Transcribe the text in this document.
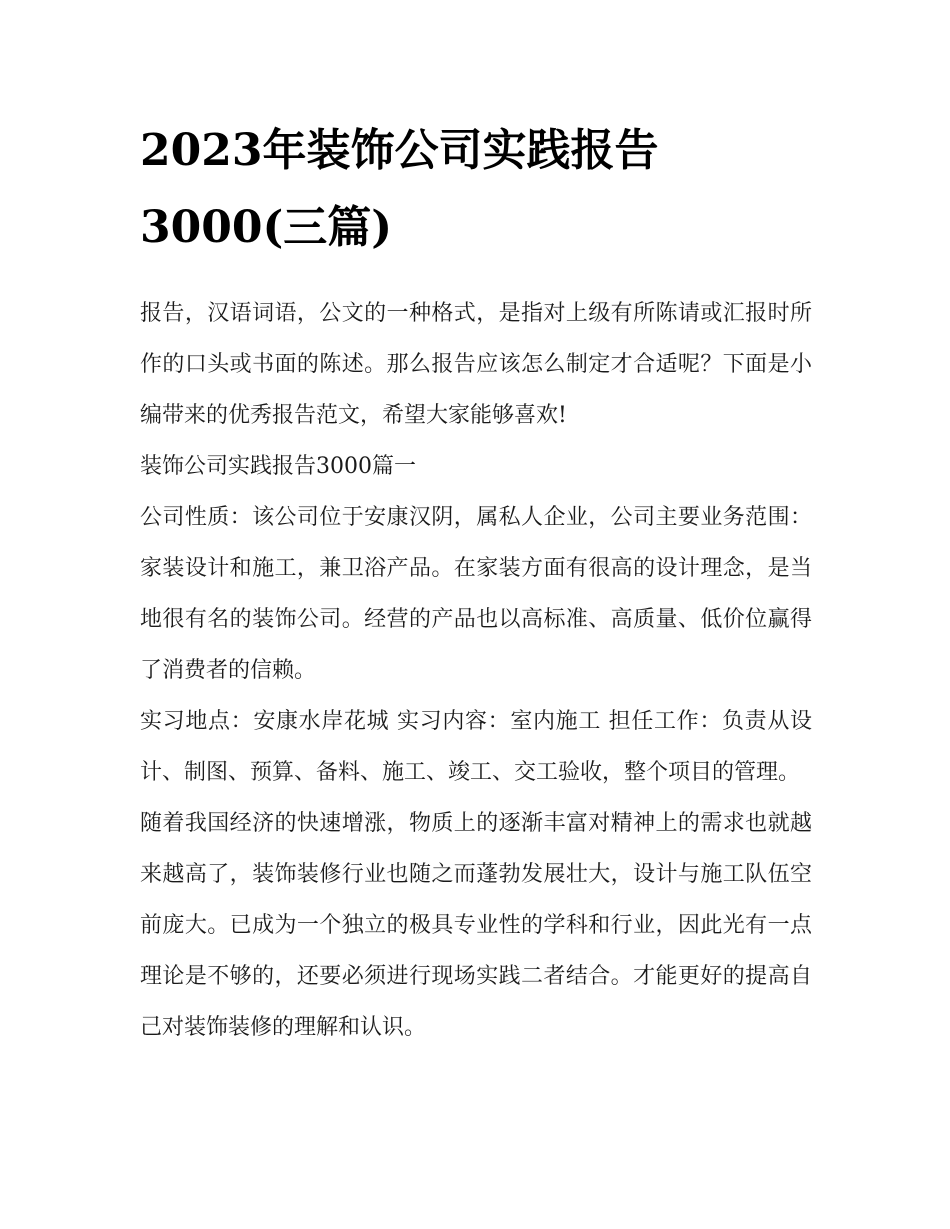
2023年装饰公司实践报告
3000(三篇)

报告，汉语词语，公文的一种格式，是指对上级有所陈请或汇报时所作的口头或书面的陈述。那么报告应该怎么制定才合适呢？下面是小编带来的优秀报告范文，希望大家能够喜欢!

装饰公司实践报告3000篇一

公司性质：该公司位于安康汉阴，属私人企业，公司主要业务范围：家装设计和施工，兼卫浴产品。在家装方面有很高的设计理念，是当地很有名的装饰公司。经营的产品也以高标准、高质量、低价位赢得了消费者的信赖。

实习地点：安康水岸花城 实习内容：室内施工 担任工作：负责从设计、制图、预算、备料、施工、竣工、交工验收，整个项目的管理。

随着我国经济的快速增涨，物质上的逐渐丰富对精神上的需求也就越来越高了，装饰装修行业也随之而蓬勃发展壮大，设计与施工队伍空前庞大。已成为一个独立的极具专业性的学科和行业，因此光有一点理论是不够的，还要必须进行现场实践二者结合。才能更好的提高自己对装饰装修的理解和认识。
